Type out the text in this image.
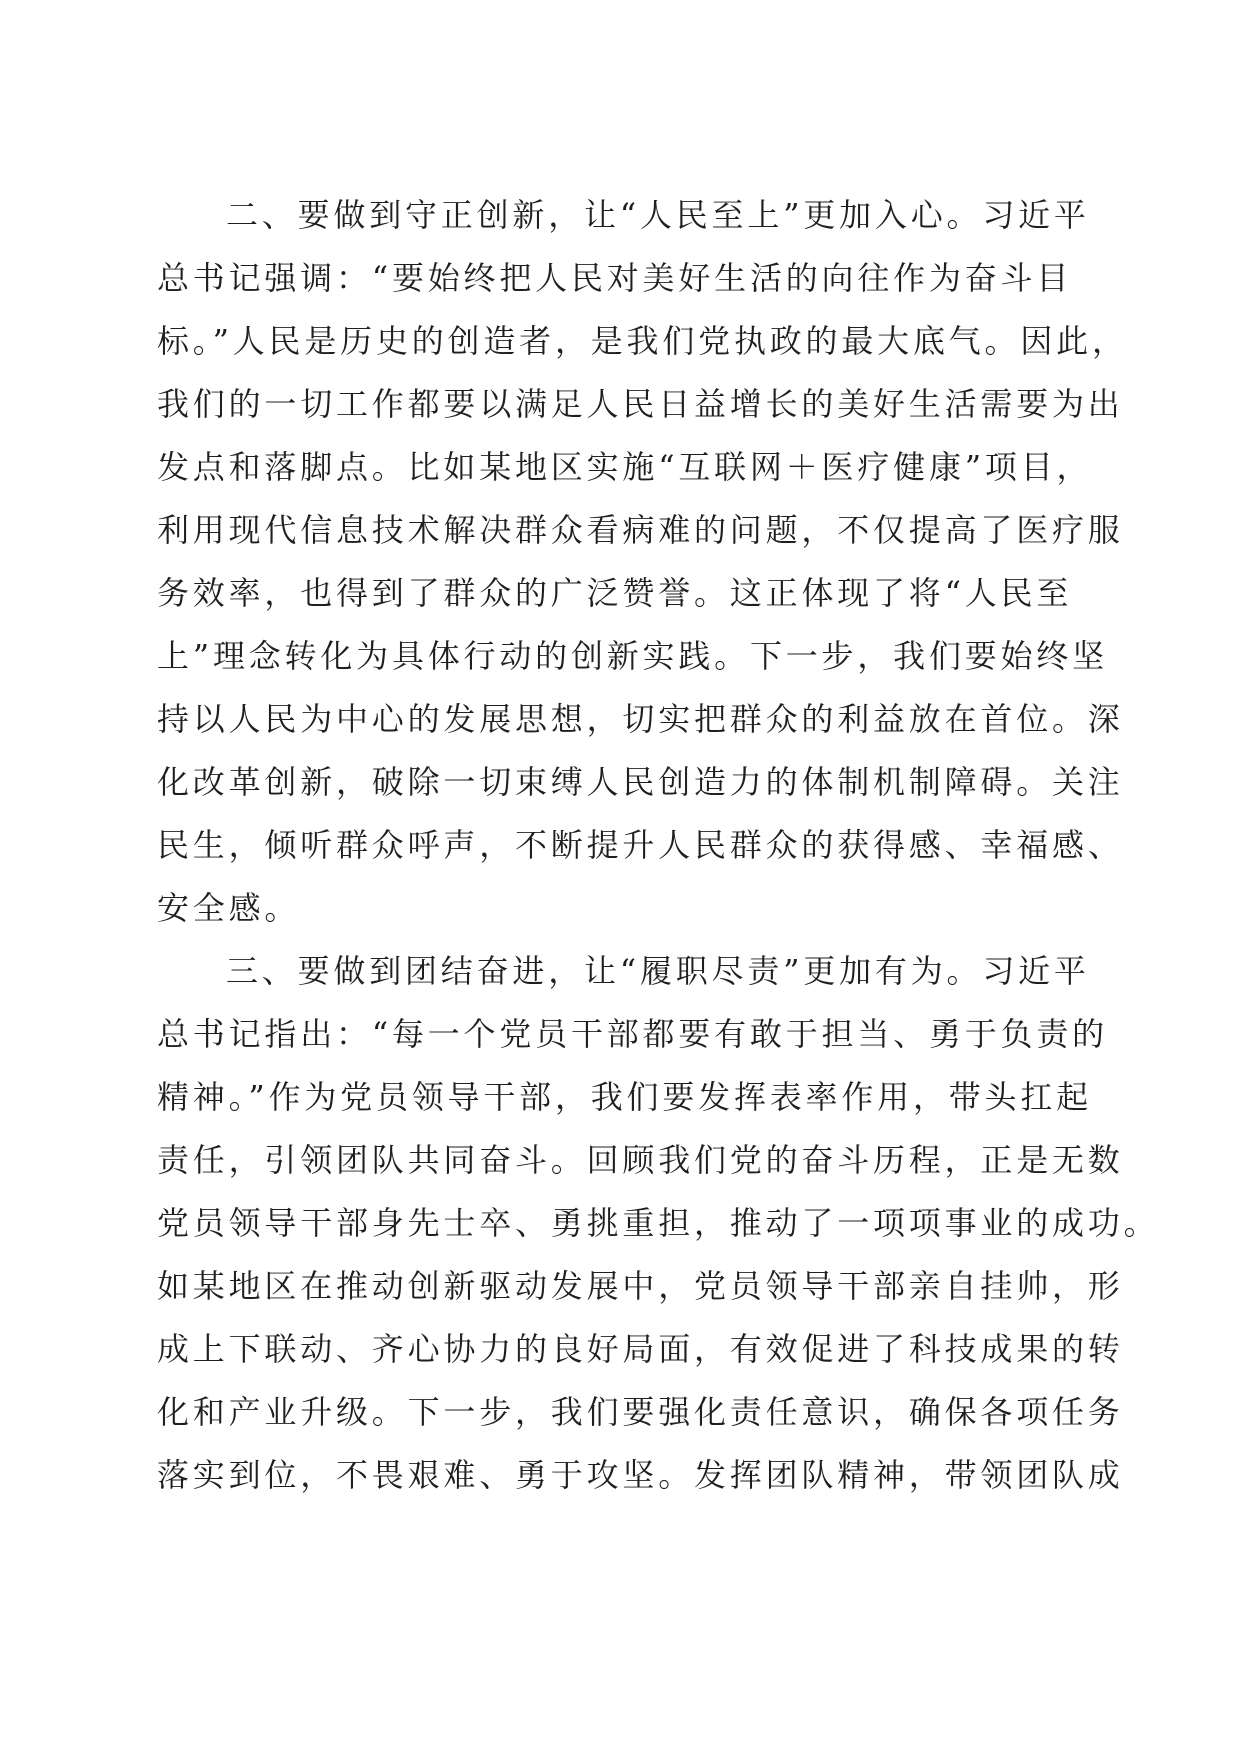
二、要做到守正创新，让“人民至上”更加入心。习近平
总书记强调：“要始终把人民对美好生活的向往作为奋斗目
标。”人民是历史的创造者，是我们党执政的最大底气。因此，
我们的一切工作都要以满足人民日益增长的美好生活需要为出
发点和落脚点。比如某地区实施“互联网＋医疗健康”项目，
利用现代信息技术解决群众看病难的问题，不仅提高了医疗服
务效率，也得到了群众的广泛赞誉。这正体现了将“人民至
上”理念转化为具体行动的创新实践。下一步，我们要始终坚
持以人民为中心的发展思想，切实把群众的利益放在首位。深
化改革创新，破除一切束缚人民创造力的体制机制障碍。关注
民生，倾听群众呼声，不断提升人民群众的获得感、幸福感、
安全感。
三、要做到团结奋进，让“履职尽责”更加有为。习近平
总书记指出：“每一个党员干部都要有敢于担当、勇于负责的
精神。”作为党员领导干部，我们要发挥表率作用，带头扛起
责任，引领团队共同奋斗。回顾我们党的奋斗历程，正是无数
党员领导干部身先士卒、勇挑重担，推动了一项项事业的成功。
如某地区在推动创新驱动发展中，党员领导干部亲自挂帅，形
成上下联动、齐心协力的良好局面，有效促进了科技成果的转
化和产业升级。下一步，我们要强化责任意识，确保各项任务
落实到位，不畏艰难、勇于攻坚。发挥团队精神，带领团队成
